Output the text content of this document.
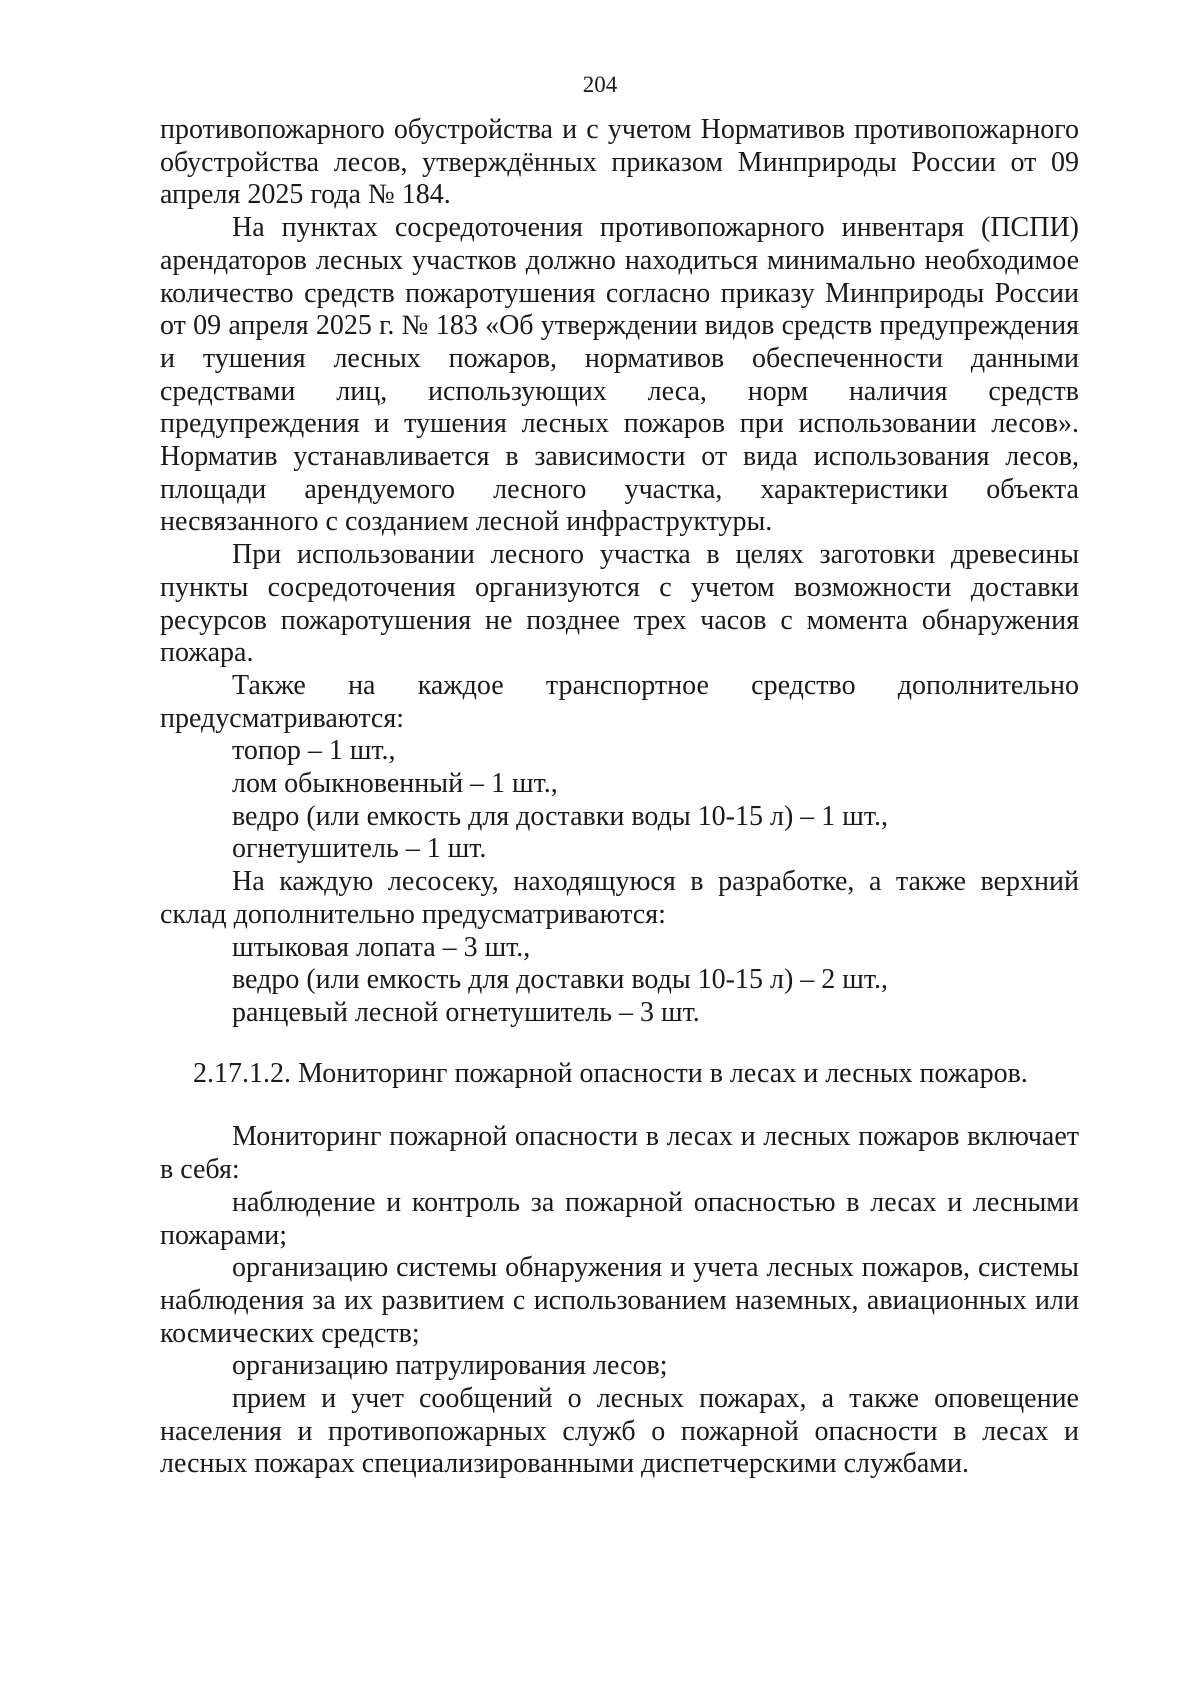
204

противопожарного обустройства и с учетом Нормативов противопожарного обустройства лесов, утверждённых приказом Минприроды России от 09 апреля 2025 года № 184.

На пунктах сосредоточения противопожарного инвентаря (ПСПИ) арендаторов лесных участков должно находиться минимально необходимое количество средств пожаротушения согласно приказу Минприроды России от 09 апреля 2025 г. № 183 «Об утверждении видов средств предупреждения и тушения лесных пожаров, нормативов обеспеченности данными средствами лиц, использующих леса, норм наличия средств предупреждения и тушения лесных пожаров при использовании лесов». Норматив устанавливается в зависимости от вида использования лесов, площади арендуемого лесного участка, характеристики объекта несвязанного с созданием лесной инфраструктуры.

При использовании лесного участка в целях заготовки древесины пункты сосредоточения организуются с учетом возможности доставки ресурсов пожаротушения не позднее трех часов с момента обнаружения пожара.

Также на каждое транспортное средство дополнительно предусматриваются:

топор – 1 шт.,

лом обыкновенный – 1 шт.,

ведро (или емкость для доставки воды 10-15 л) – 1 шт.,

огнетушитель – 1 шт.

На каждую лесосеку, находящуюся в разработке, а также верхний склад дополнительно предусматриваются:

штыковая лопата – 3 шт.,

ведро (или емкость для доставки воды 10-15 л) – 2 шт.,

ранцевый лесной огнетушитель – 3 шт.

2.17.1.2. Мониторинг пожарной опасности в лесах и лесных пожаров.

Мониторинг пожарной опасности в лесах и лесных пожаров включает в себя:

наблюдение и контроль за пожарной опасностью в лесах и лесными пожарами;

организацию системы обнаружения и учета лесных пожаров, системы наблюдения за их развитием с использованием наземных, авиационных или космических средств;

организацию патрулирования лесов;

прием и учет сообщений о лесных пожарах, а также оповещение населения и противопожарных служб о пожарной опасности в лесах и лесных пожарах специализированными диспетчерскими службами.
